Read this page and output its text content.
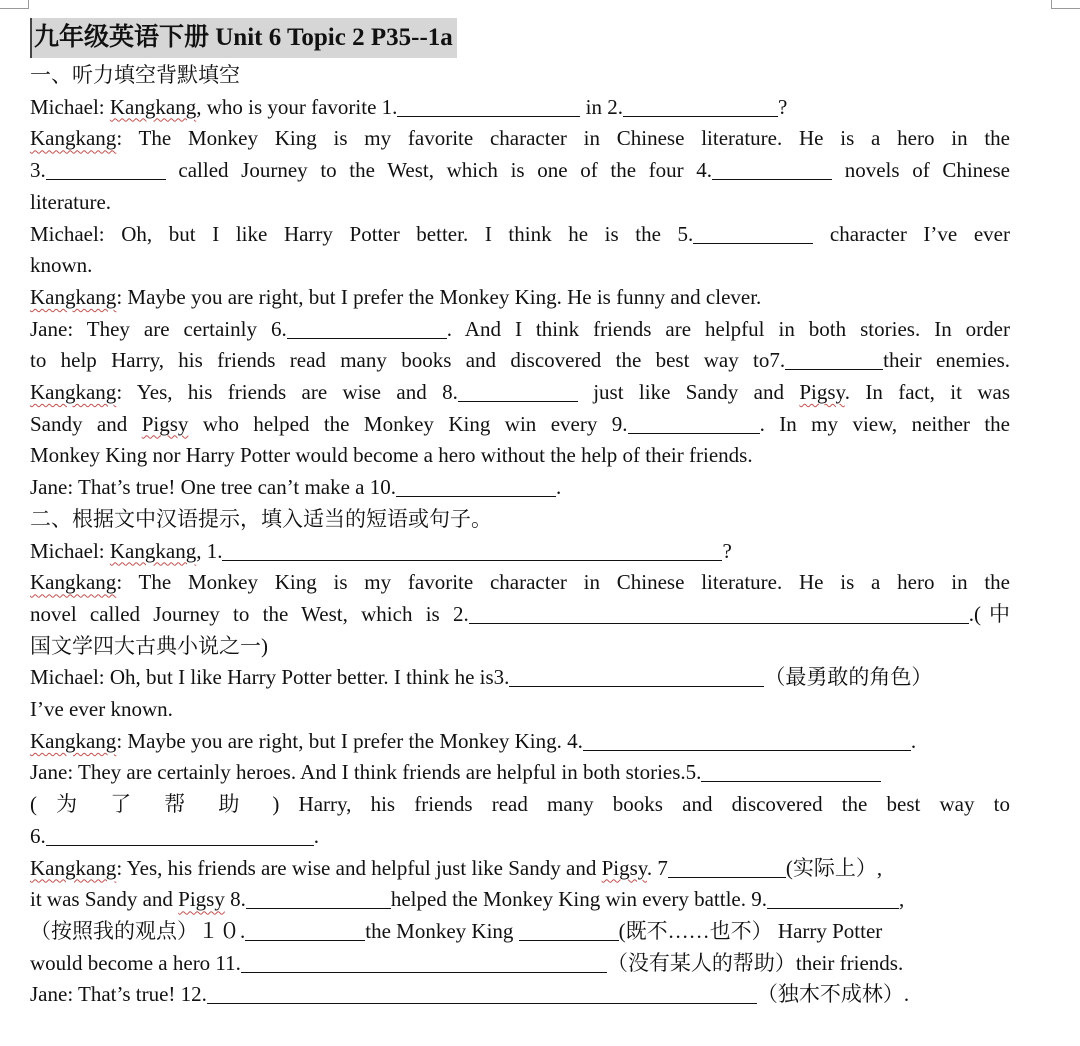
九年级英语下册 Unit 6 Topic 2 P35--1a
一、听力填空背默填空
Michael: Kangkang, who is your favorite 1.	in 2.	?
Kangkang: The Monkey King is my favorite character in Chinese literature. He is a hero in the
3.	called Journey to the West, which is one of the four 4.	novels of Chinese
literature.
Michael: Oh, but I like Harry Potter better. I think he is the 5.	character I’ve ever
known.
Kangkang: Maybe you are right, but I prefer the Monkey King. He is funny and clever.
Jane: They are certainly 6.	. And I think friends are helpful in both stories. In order
to help Harry, his friends read many books and discovered the best way to7.	their enemies.
Kangkang: Yes, his friends are wise and 8.	just like Sandy and Pigsy. In fact, it was
Sandy and Pigsy who helped the Monkey King win every 9.	. In my view, neither the
Monkey King nor Harry Potter would become a hero without the help of their friends.
Jane: That’s true! One tree can’t make a 10.	.
二、根据文中汉语提示，填入适当的短语或句子。
Michael: Kangkang, 1.	?
Kangkang: The Monkey King is my favorite character in Chinese literature. He is a hero in the
novel called Journey to the West, which is 2.	.(中
国文学四大古典小说之一)
Michael: Oh, but I like Harry Potter better. I think he is3.	（最勇敢的角色）
I’ve ever known.
Kangkang: Maybe you are right, but I prefer the Monkey King. 4.	.
Jane: They are certainly heroes. And I think friends are helpful in both stories.5.
( 为 了 帮 助 ) Harry, his friends read many books and discovered the best way to
6.	.
Kangkang: Yes, his friends are wise and helpful just like Sandy and Pigsy. 7	(实际上）,
it was Sandy and Pigsy 8.	helped the Monkey King win every battle. 9.	,
（按照我的观点）１０.	the Monkey King	(既不……也不） Harry Potter
would become a hero 11.	（没有某人的帮助）their friends.
Jane: That’s true! 12.	（独木不成林）.
